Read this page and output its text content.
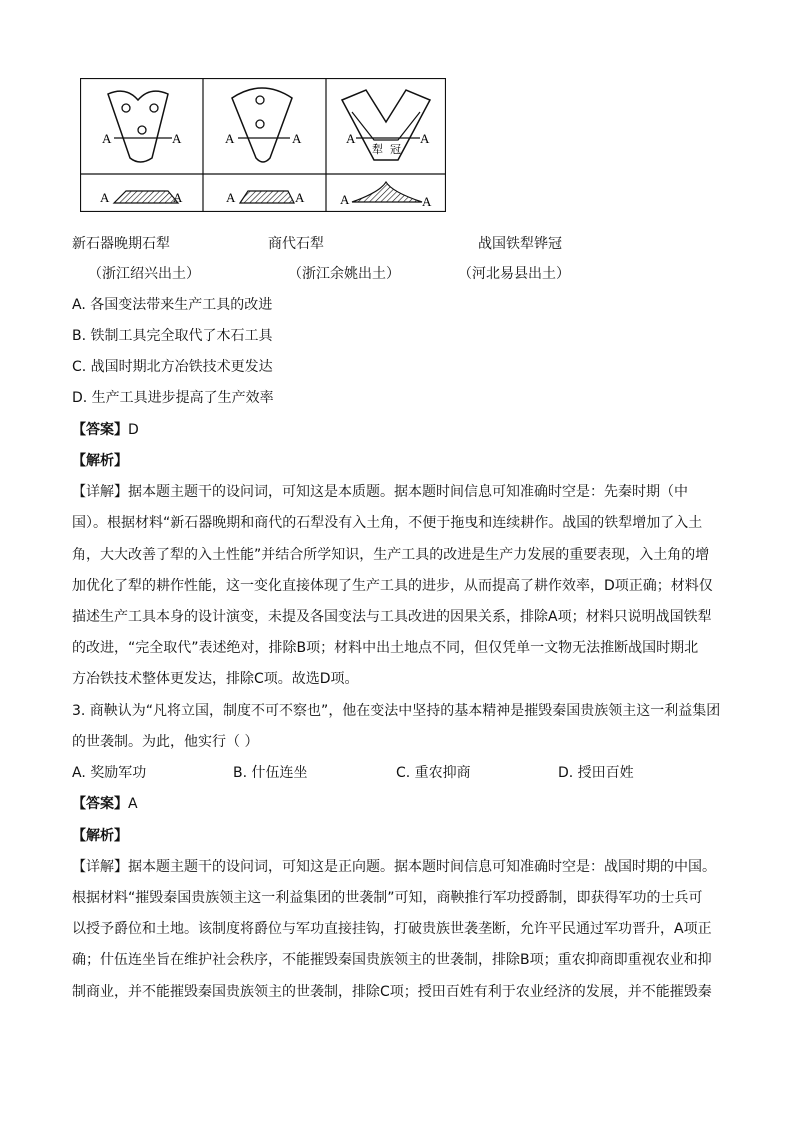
A	A
A	A
A	A
A	A
A	A
犁 冠
A	A
新石器晚期石犁	商代石犁	战国铁犁铧冠
（浙江绍兴出土）	（浙江余姚出土）	（河北易县出土）
A. 各国变法带来生产工具的改进
B. 铁制工具完全取代了木石工具
C. 战国时期北方冶铁技术更发达
D. 生产工具进步提高了生产效率
【答案】D
【解析】
【详解】据本题主题干的设问词，可知这是本质题。据本题时间信息可知准确时空是：先秦时期（中
国）。根据材料“新石器晚期和商代的石犁没有入土角，不便于拖曳和连续耕作。战国的铁犁增加了入土
角，大大改善了犁的入土性能”并结合所学知识，生产工具的改进是生产力发展的重要表现，入土角的增
加优化了犁的耕作性能，这一变化直接体现了生产工具的进步，从而提高了耕作效率，D项正确；材料仅
描述生产工具本身的设计演变，未提及各国变法与工具改进的因果关系，排除A项；材料只说明战国铁犁
的改进，“完全取代”表述绝对，排除B项；材料中出土地点不同，但仅凭单一文物无法推断战国时期北
方冶铁技术整体更发达，排除C项。故选D项。
3. 商鞅认为“凡将立国，制度不可不察也”，他在变法中坚持的基本精神是摧毁秦国贵族领主这一利益集团
的世袭制。为此，他实行（ ）
A. 奖励军功	B. 什伍连坐	C. 重农抑商	D. 授田百姓
【答案】A
【解析】
【详解】据本题主题干的设问词，可知这是正向题。据本题时间信息可知准确时空是：战国时期的中国。
根据材料“摧毁秦国贵族领主这一利益集团的世袭制”可知，商鞅推行军功授爵制，即获得军功的士兵可
以授予爵位和土地。该制度将爵位与军功直接挂钩，打破贵族世袭垄断，允许平民通过军功晋升，A项正
确；什伍连坐旨在维护社会秩序，不能摧毁秦国贵族领主的世袭制，排除B项；重农抑商即重视农业和抑
制商业，并不能摧毁秦国贵族领主的世袭制，排除C项；授田百姓有利于农业经济的发展，并不能摧毁秦
